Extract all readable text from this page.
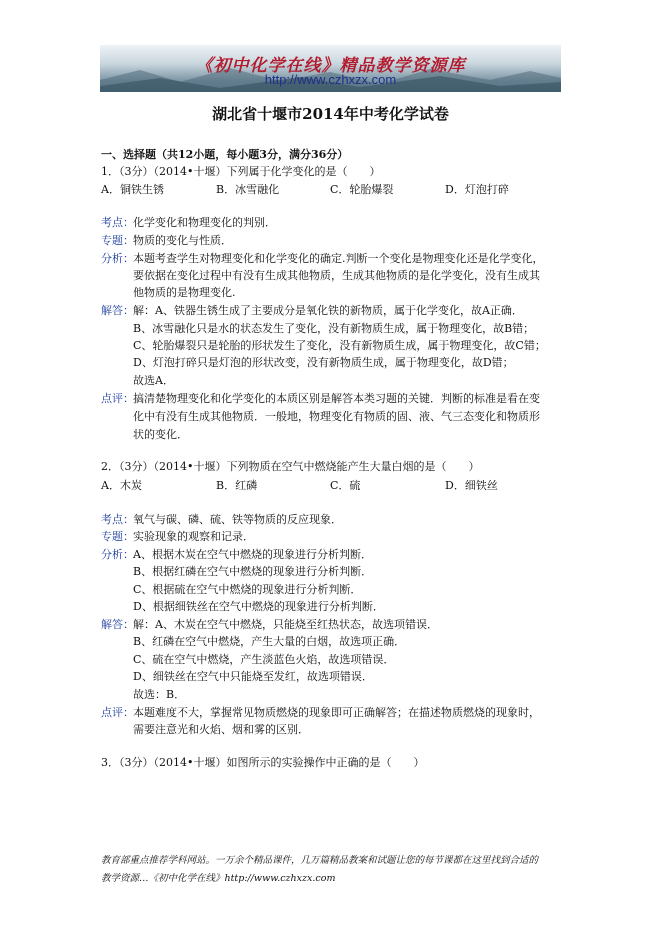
《初中化学在线》精品教学资源库
http://www.czhxzx.com
湖北省十堰市2014年中考化学试卷
一、选择题（共12小题，每小题3分，满分36分）
1．（3分）（2014•十堰）下列属于化学变化的是（　　）
A．铜铁生锈	B．冰雪融化	C．轮胎爆裂	D．灯泡打碎
考点： 化学变化和物理变化的判别．
专题： 物质的变化与性质．
分析： 本题考查学生对物理变化和化学变化的确定.判断一个变化是物理变化还是化学变化，
要依据在变化过程中有没有生成其他物质，生成其他物质的是化学变化，没有生成其
他物质的是物理变化.
解答： 解：A、铁器生锈生成了主要成分是氧化铁的新物质，属于化学变化，故A正确．
B、冰雪融化只是水的状态发生了变化，没有新物质生成，属于物理变化，故B错；
C、轮胎爆裂只是轮胎的形状发生了变化，没有新物质生成，属于物理变化，故C错；
D、灯泡打碎只是灯泡的形状改变，没有新物质生成，属于物理变化，故D错；
故选A．
点评： 搞清楚物理变化和化学变化的本质区别是解答本类习题的关键．判断的标准是看在变
化中有没有生成其他物质．一般地，物理变化有物质的固、液、气三态变化和物质形
状的变化．
2．（3分）（2014•十堰）下列物质在空气中燃烧能产生大量白烟的是（　　）
A．木炭	B．红磷	C．硫	D．细铁丝
考点： 氧气与碳、磷、硫、铁等物质的反应现象．
专题： 实验现象的观察和记录．
分析： A、根据木炭在空气中燃烧的现象进行分析判断．
B、根据红磷在空气中燃烧的现象进行分析判断．
C、根据硫在空气中燃烧的现象进行分析判断．
D、根据细铁丝在空气中燃烧的现象进行分析判断．
解答： 解：A、木炭在空气中燃烧，只能烧至红热状态，故选项错误．
B、红磷在空气中燃烧，产生大量的白烟，故选项正确．
C、硫在空气中燃烧，产生淡蓝色火焰，故选项错误．
D、细铁丝在空气中只能烧至发红，故选项错误．
故选：B．
点评： 本题难度不大，掌握常见物质燃烧的现象即可正确解答；在描述物质燃烧的现象时，
需要注意光和火焰、烟和雾的区别．
3．（3分）（2014•十堰）如图所示的实验操作中正确的是（　　）
教育部重点推荐学科网站。一万余个精品课件，几万篇精品教案和试题让您的每节课都在这里找到合适的
教学资源…《初中化学在线》http://www.czhxzx.com
